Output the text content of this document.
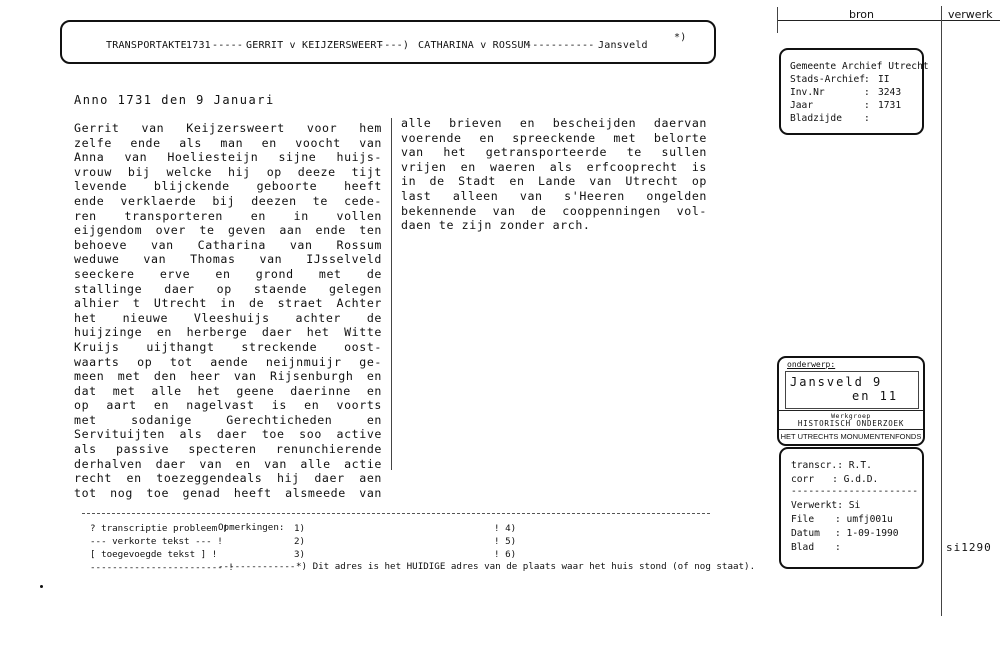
TRANSPORTAKTE 1731 ----- GERRIT v KEIJZERSWEERT
----) CATHARINA v ROSSUM
----------- Jansveld
*)
Anno 1731 den 9 Januari
Gerrit van Keijzersweert voor hem
zelfe ende als man en voocht van
Anna van Hoeliesteijn sijne huijs-
vrouw bij welcke hij op deeze tijt
levende blijckende geboorte heeft
ende verklaerde bij deezen te cede-
ren transporteren en in vollen
eijgendom over te geven aan ende ten
behoeve van Catharina van Rossum
weduwe van Thomas van IJsselveld
seeckere erve en grond met de
stallinge daer op staende gelegen
alhier t Utrecht in de straet Achter
het nieuwe Vleeshuijs achter de
huijzinge en herberge daer het Witte
Kruijs uijthangt streckende oost-
waarts op tot aende neijnmuijr ge-
meen met den heer van Rijsenburgh en
dat met alle het geene daerinne en
op aart en nagelvast is en voorts
met sodanige Gerechticheden en
Servituijten als daer toe soo active
als passive specteren renunchierende
derhalven daer van en van alle actie
recht en toezeggendeals hij daer aen
tot nog toe genad heeft alsmeede van
alle brieven en bescheijden daervan
voerende en spreeckende met belorte
van het getransporteerde te sullen
vrijen en waeren als erfcooprecht is
in de Stadt en Lande van Utrecht op
last alleen van s'Heeren ongelden
bekennende van de cooppenningen vol-
daen te zijn zonder arch.
? transcriptie probleem !
--- verkorte tekst --- !
[ toegevoegde tekst ] !
------------------------ !
Opmerkingen: 1)
2)
3)
! 4)
! 5)
! 6)
-------------- *) Dit adres is het HUIDIGE adres van de plaats waar het huis stond (of nog staat).
bron	verwerk
Gemeente Archief Utrecht
Stads-Archief: II
Inv.Nr	: 3243
Jaar	: 1731
Bladzijde :
onderwerp:
Jansveld 9
en 11
Werkgroep
HISTORISCH ONDERZOEK
HET UTRECHTS MONUMENTENFONDS
transcr.: R.T.
corr : G.d.D.
----------------------
Verwerkt: Si
File : umfj001u
Datum : 1-09-1990
Blad :	si1290
